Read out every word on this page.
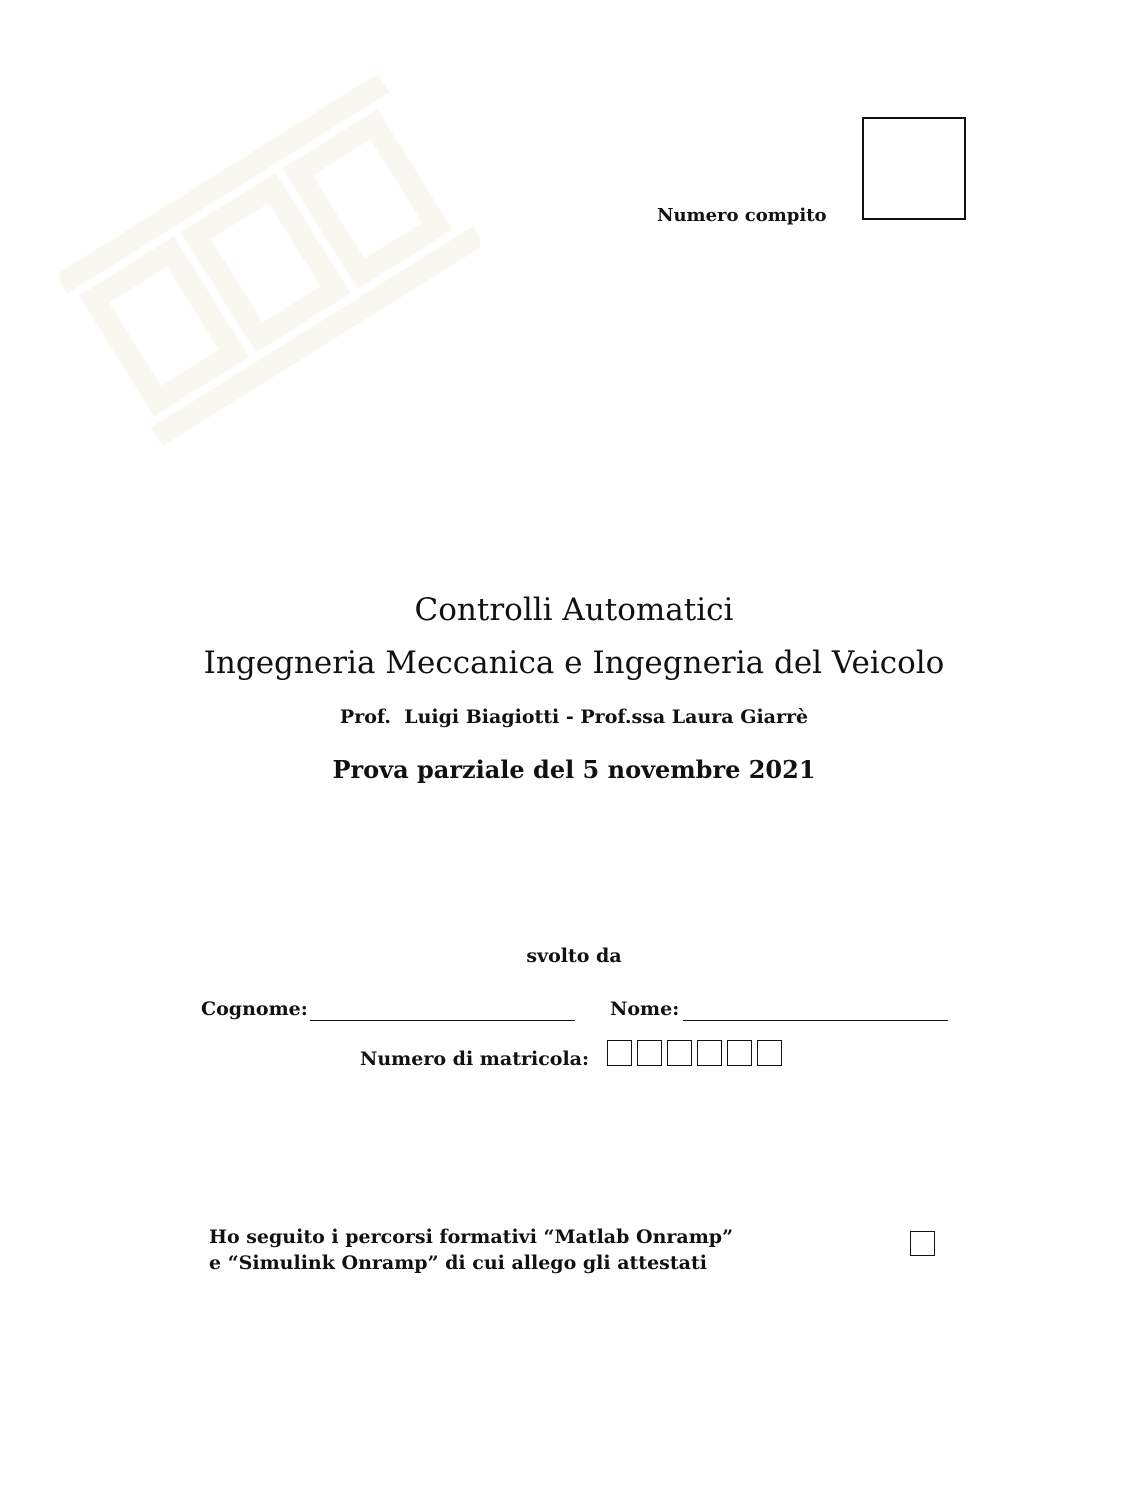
Numero compito
Controlli Automatici
Ingegneria Meccanica e Ingegneria del Veicolo
Prof.  Luigi Biagiotti - Prof.ssa Laura Giarrè
Prova parziale del 5 novembre 2021
svolto da
Cognome:	Nome:
Numero di matricola:
Ho seguito i percorsi formativi “Matlab Onramp”
e “Simulink Onramp” di cui allego gli attestati
